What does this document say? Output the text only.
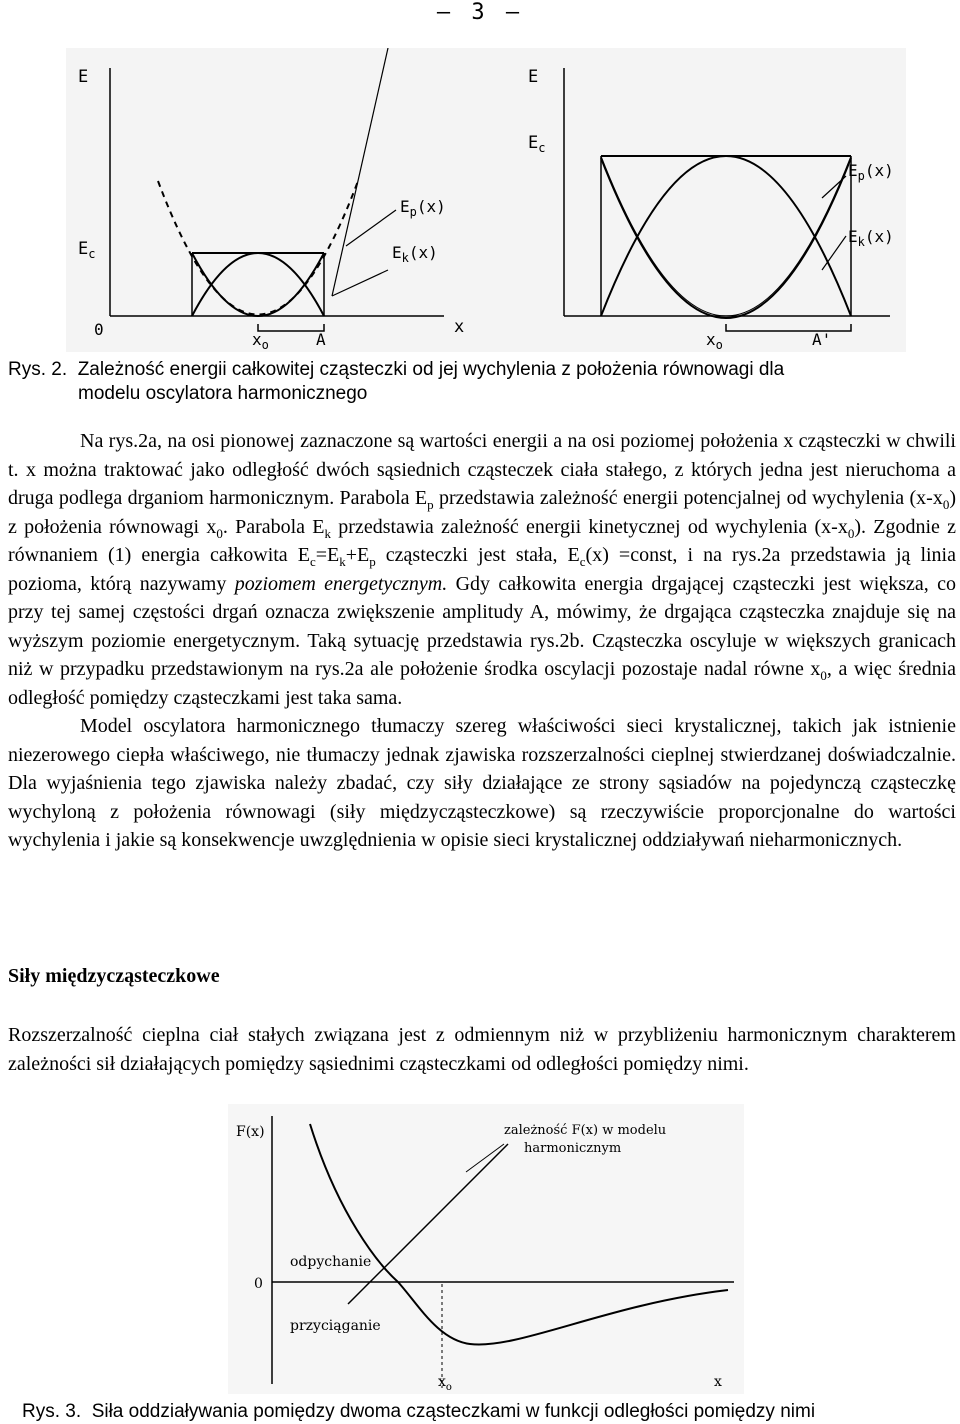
– 3 –
E
$E_c$
0	x
$x_o$	A
$E_p(x)$
$E_k(x)$
E
$E_c$
$x_o$	A'
$E_p(x)$
$E_k(x)$
Rys. 2. Zależność energii całkowitej cząsteczki od jej wychylenia z położenia równowagi dla
modelu oscylatora harmonicznego

Na rys.2a, na osi pionowej zaznaczone są wartości energii a na osi poziomej położenia x cząsteczki w chwili t. x można traktować jako odległość dwóch sąsiednich cząsteczek ciała stałego, z których jedna jest nieruchoma a druga podlega drganiom harmonicznym. Parabola $E_p$ przedstawia zależność energii potencjalnej od wychylenia $(x-x_0)$ z położenia równowagi $x_0$. Parabola $E_k$ przedstawia zależność energii kinetycznej od wychylenia $(x-x_0)$. Zgodnie z równaniem (1) energia całkowita $E_c=E_k+E_p$ cząsteczki jest stała, $E_c(x)$ =const, i na rys.2a przedstawia ją linia pozioma, którą nazywamy poziomem energetycznym. Gdy całkowita energia drgającej cząsteczki jest większa, co przy tej samej częstości drgań oznacza zwiększenie amplitudy A, mówimy, że drgająca cząsteczka znajduje się na wyższym poziomie energetycznym. Taką sytuację przedstawia rys.2b. Cząsteczka oscyluje w większych granicach niż w przypadku przedstawionym na rys.2a ale położenie środka oscylacji pozostaje nadal równe $x_0$, a więc średnia odległość pomiędzy cząsteczkami jest taka sama.

Model oscylatora harmonicznego tłumaczy szereg właściwości sieci krystalicznej, takich jak istnienie niezerowego ciepła właściwego, nie tłumaczy jednak zjawiska rozszerzalności cieplnej stwierdzanej doświadczalnie. Dla wyjaśnienia tego zjawiska należy zbadać, czy siły działające ze strony sąsiadów na pojedynczą cząsteczkę wychyloną z położenia równowagi (siły międzycząsteczkowe) są rzeczywiście proporcjonalne do wartości wychylenia i jakie są konsekwencje uwzględnienia w opisie sieci krystalicznej oddziaływań nieharmonicznych.

Siły międzycząsteczkowe

Rozszerzalność cieplna ciał stałych związana jest z odmiennym niż w przybliżeniu harmonicznym charakterem zależności sił działających pomiędzy sąsiednimi cząsteczkami od odległości pomiędzy nimi.

F(x)	zależność F(x) w modelu
harmonicznym
odpychanie
0
przyciąganie
$x_o$	x
Rys. 3. Siła oddziaływania pomiędzy dwoma cząsteczkami w funkcji odległości pomiędzy nimi
